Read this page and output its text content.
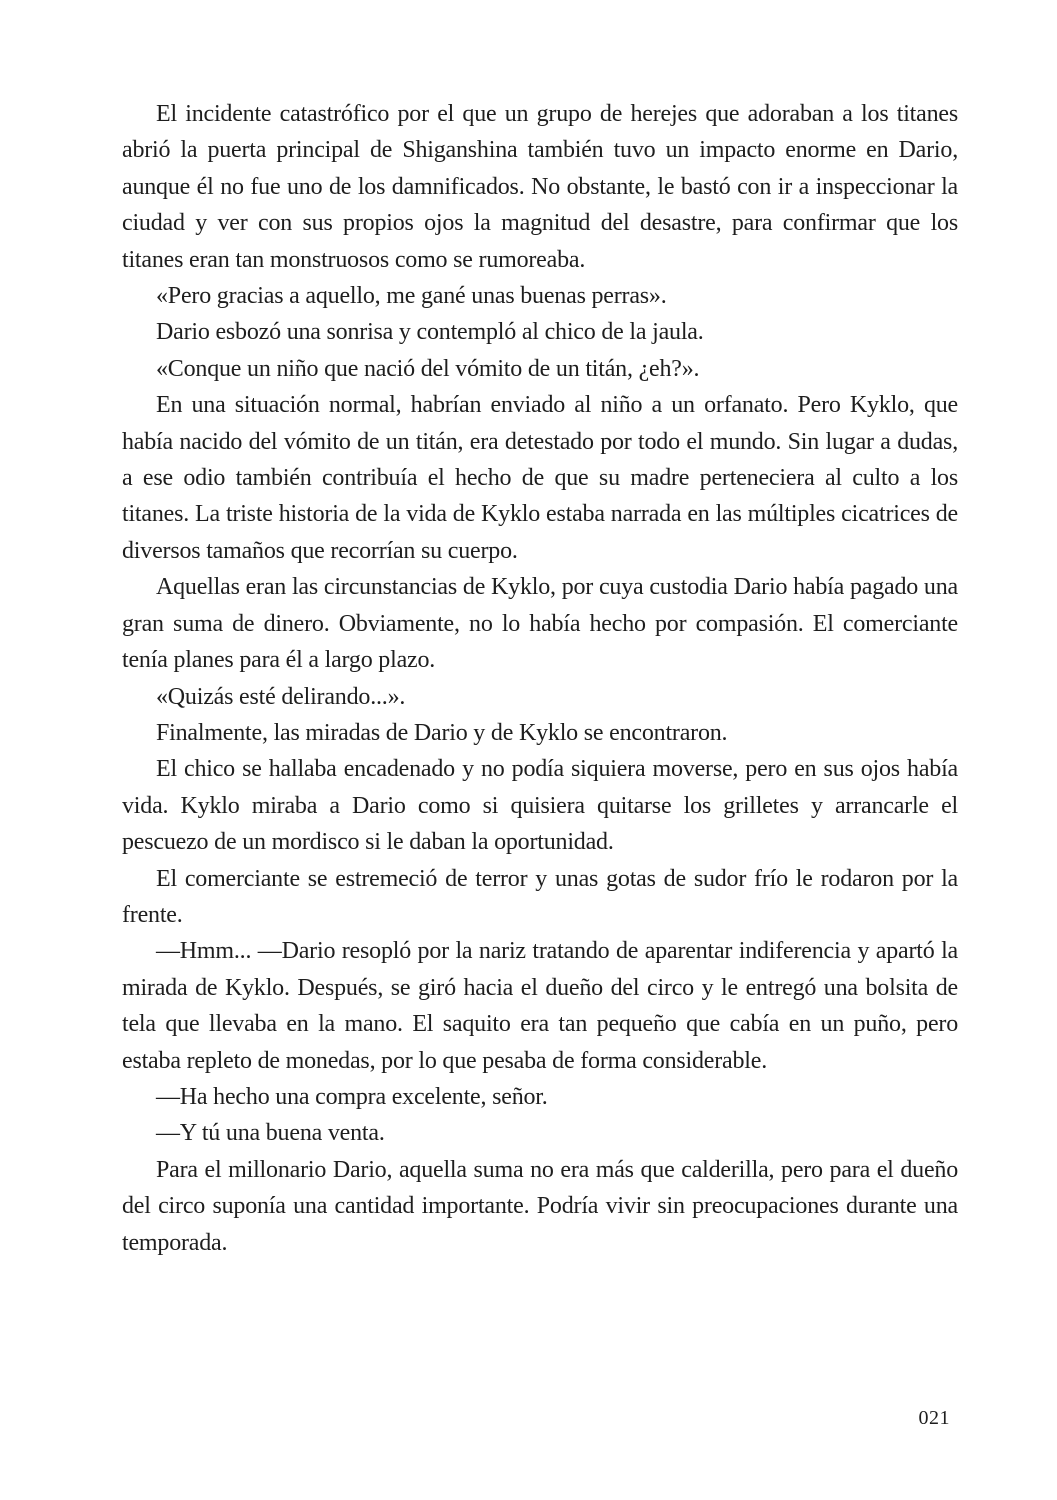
El incidente catastrófico por el que un grupo de herejes que adoraban a los titanes abrió la puerta principal de Shiganshina también tuvo un impacto enorme en Dario, aunque él no fue uno de los damnificados. No obstante, le bastó con ir a inspeccionar la ciudad y ver con sus propios ojos la magnitud del desastre, para confirmar que los titanes eran tan monstruosos como se rumoreaba.

«Pero gracias a aquello, me gané unas buenas perras».

Dario esbozó una sonrisa y contempló al chico de la jaula.

«Conque un niño que nació del vómito de un titán, ¿eh?».

En una situación normal, habrían enviado al niño a un orfanato. Pero Kyklo, que había nacido del vómito de un titán, era detestado por todo el mundo. Sin lugar a dudas, a ese odio también contribuía el hecho de que su madre perteneciera al culto a los titanes. La triste historia de la vida de Kyklo estaba narrada en las múltiples cicatrices de diversos tamaños que recorrían su cuerpo.

Aquellas eran las circunstancias de Kyklo, por cuya custodia Dario había pagado una gran suma de dinero. Obviamente, no lo había hecho por compasión. El comerciante tenía planes para él a largo plazo.

«Quizás esté delirando...».

Finalmente, las miradas de Dario y de Kyklo se encontraron.

El chico se hallaba encadenado y no podía siquiera moverse, pero en sus ojos había vida. Kyklo miraba a Dario como si quisiera quitarse los grilletes y arrancarle el pescuezo de un mordisco si le daban la oportunidad.

El comerciante se estremeció de terror y unas gotas de sudor frío le rodaron por la frente.

—Hmm... —Dario resopló por la nariz tratando de aparentar indiferencia y apartó la mirada de Kyklo. Después, se giró hacia el dueño del circo y le entregó una bolsita de tela que llevaba en la mano. El saquito era tan pequeño que cabía en un puño, pero estaba repleto de monedas, por lo que pesaba de forma considerable.

—Ha hecho una compra excelente, señor.

—Y tú una buena venta.

Para el millonario Dario, aquella suma no era más que calderilla, pero para el dueño del circo suponía una cantidad importante. Podría vivir sin preocupaciones durante una temporada.

021
